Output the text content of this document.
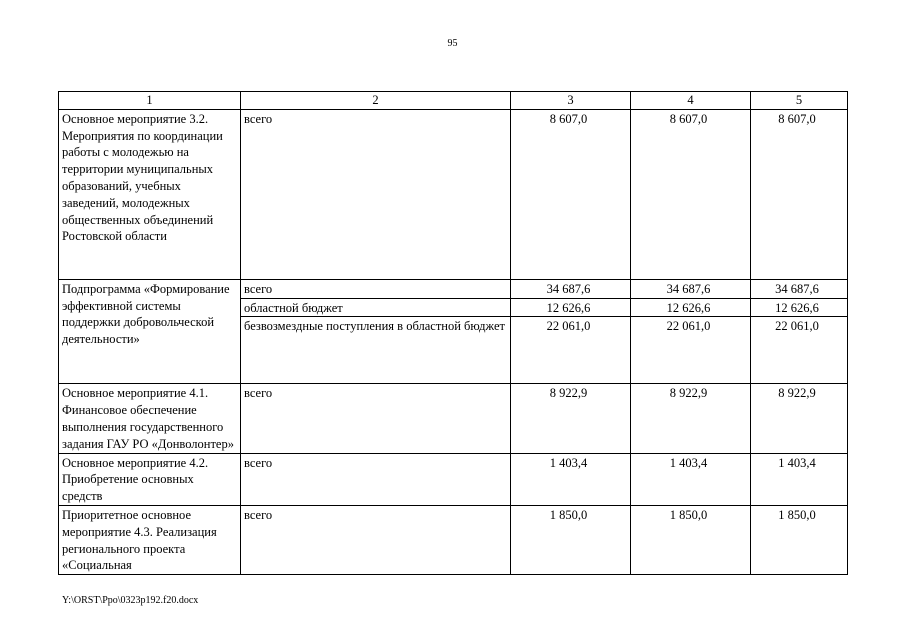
95
1	2	3	4	5
Основное мероприятие 3.2. Мероприятия по координации работы с молодежью на территории муниципальных образований, учебных заведений, молодежных общественных объединений Ростовской области	всего	8 607,0	8 607,0	8 607,0
Подпрограмма «Формирование эффективной системы поддержки добровольческой деятельности»	всего	34 687,6	34 687,6	34 687,6
	областной бюджет	12 626,6	12 626,6	12 626,6
	безвозмездные поступления в областной бюджет	22 061,0	22 061,0	22 061,0
Основное мероприятие 4.1. Финансовое обеспечение выполнения государственного задания ГАУ РО «Донволонтер»	всего	8 922,9	8 922,9	8 922,9
Основное мероприятие 4.2. Приобретение основных средств	всего	1 403,4	1 403,4	1 403,4
Приоритетное основное мероприятие 4.3. Реализация регионального проекта «Социальная	всего	1 850,0	1 850,0	1 850,0
Y:\ORST\Ppo\0323p192.f20.docx
